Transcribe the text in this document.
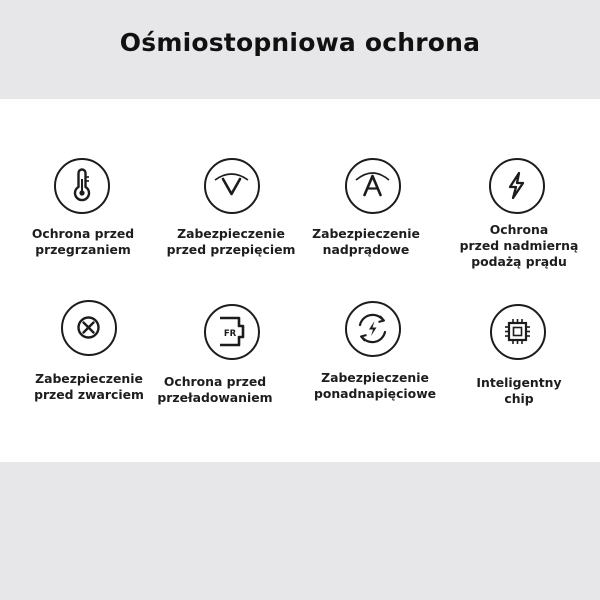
Ośmiostopniowa ochrona
Ochrona przed
przegrzaniem
Zabezpieczenie
przed przepięciem
Zabezpieczenie
nadprądowe
Ochrona
przed nadmierną
podażą prądu
Zabezpieczenie
przed zwarciem
FR
Ochrona przed
przeładowaniem
Zabezpieczenie
ponadnapięciowe
Inteligentny
chip
